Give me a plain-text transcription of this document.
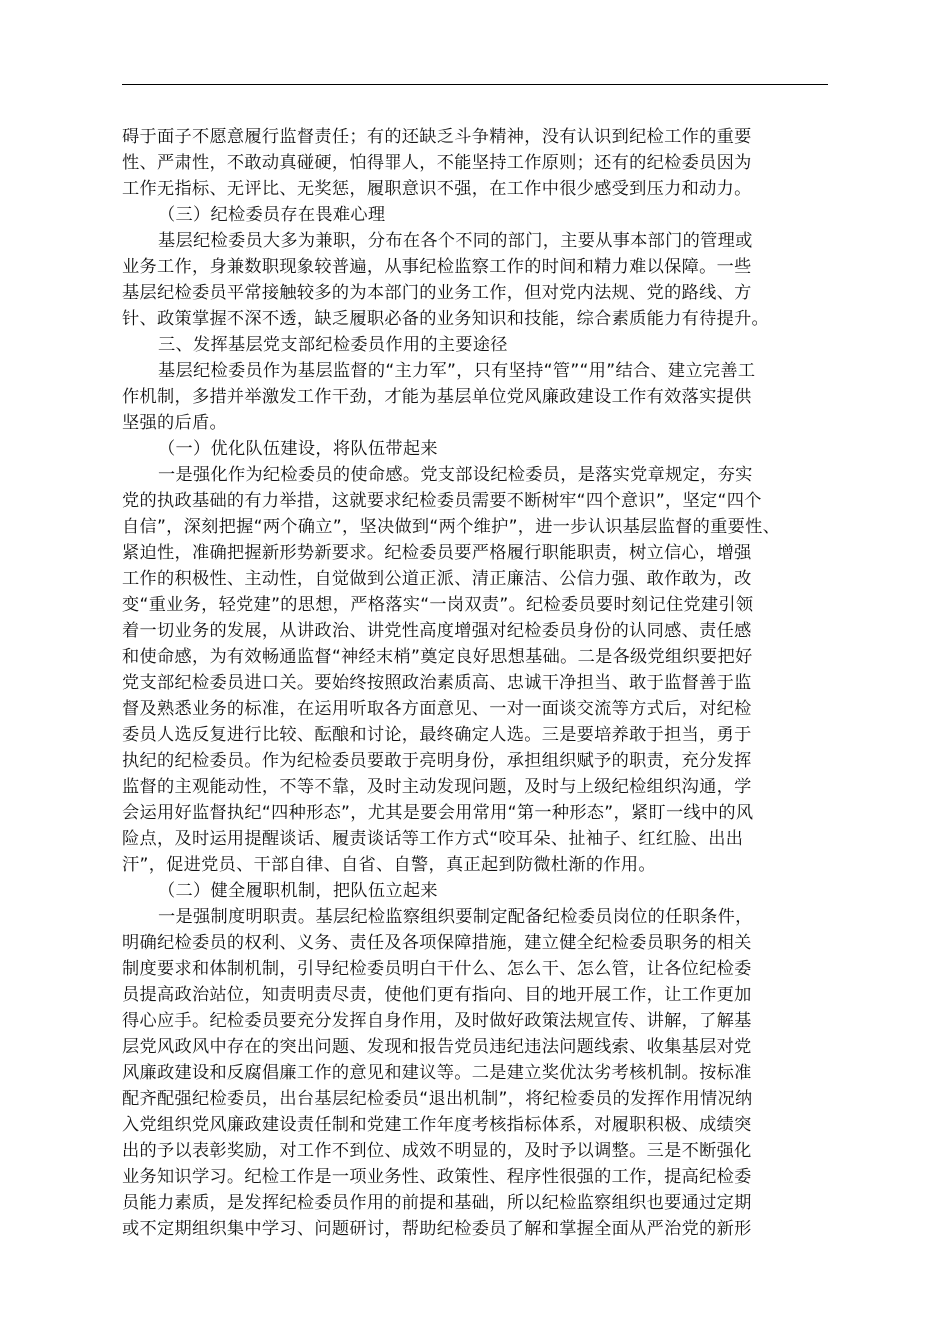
碍于面子不愿意履行监督责任；有的还缺乏斗争精神，没有认识到纪检工作的重要
性、严肃性，不敢动真碰硬，怕得罪人，不能坚持工作原则；还有的纪检委员因为
工作无指标、无评比、无奖惩，履职意识不强，在工作中很少感受到压力和动力。
（三）纪检委员存在畏难心理
基层纪检委员大多为兼职，分布在各个不同的部门，主要从事本部门的管理或
业务工作，身兼数职现象较普遍，从事纪检监察工作的时间和精力难以保障。一些
基层纪检委员平常接触较多的为本部门的业务工作，但对党内法规、党的路线、方
针、政策掌握不深不透，缺乏履职必备的业务知识和技能，综合素质能力有待提升。
三、发挥基层党支部纪检委员作用的主要途径
基层纪检委员作为基层监督的“主力军”，只有坚持“管”“用”结合、建立完善工
作机制，多措并举激发工作干劲，才能为基层单位党风廉政建设工作有效落实提供
坚强的后盾。
（一）优化队伍建设，将队伍带起来
一是强化作为纪检委员的使命感。党支部设纪检委员，是落实党章规定，夯实
党的执政基础的有力举措，这就要求纪检委员需要不断树牢“四个意识”，坚定“四个
自信”，深刻把握“两个确立”，坚决做到“两个维护”，进一步认识基层监督的重要性、
紧迫性，准确把握新形势新要求。纪检委员要严格履行职能职责，树立信心，增强
工作的积极性、主动性，自觉做到公道正派、清正廉洁、公信力强、敢作敢为，改
变“重业务，轻党建”的思想，严格落实“一岗双责”。纪检委员要时刻记住党建引领
着一切业务的发展，从讲政治、讲党性高度增强对纪检委员身份的认同感、责任感
和使命感，为有效畅通监督“神经末梢”奠定良好思想基础。二是各级党组织要把好
党支部纪检委员进口关。要始终按照政治素质高、忠诚干净担当、敢于监督善于监
督及熟悉业务的标准，在运用听取各方面意见、一对一面谈交流等方式后，对纪检
委员人选反复进行比较、酝酿和讨论，最终确定人选。三是要培养敢于担当，勇于
执纪的纪检委员。作为纪检委员要敢于亮明身份，承担组织赋予的职责，充分发挥
监督的主观能动性，不等不靠，及时主动发现问题，及时与上级纪检组织沟通，学
会运用好监督执纪“四种形态”，尤其是要会用常用“第一种形态”，紧盯一线中的风
险点，及时运用提醒谈话、履责谈话等工作方式“咬耳朵、扯袖子、红红脸、出出
汗”，促进党员、干部自律、自省、自警，真正起到防微杜渐的作用。
（二）健全履职机制，把队伍立起来
一是强制度明职责。基层纪检监察组织要制定配备纪检委员岗位的任职条件，
明确纪检委员的权利、义务、责任及各项保障措施，建立健全纪检委员职务的相关
制度要求和体制机制，引导纪检委员明白干什么、怎么干、怎么管，让各位纪检委
员提高政治站位，知责明责尽责，使他们更有指向、目的地开展工作，让工作更加
得心应手。纪检委员要充分发挥自身作用，及时做好政策法规宣传、讲解，了解基
层党风政风中存在的突出问题、发现和报告党员违纪违法问题线索、收集基层对党
风廉政建设和反腐倡廉工作的意见和建议等。二是建立奖优汰劣考核机制。按标准
配齐配强纪检委员，出台基层纪检委员“退出机制”，将纪检委员的发挥作用情况纳
入党组织党风廉政建设责任制和党建工作年度考核指标体系，对履职积极、成绩突
出的予以表彰奖励，对工作不到位、成效不明显的，及时予以调整。三是不断强化
业务知识学习。纪检工作是一项业务性、政策性、程序性很强的工作，提高纪检委
员能力素质，是发挥纪检委员作用的前提和基础，所以纪检监察组织也要通过定期
或不定期组织集中学习、问题研讨，帮助纪检委员了解和掌握全面从严治党的新形
